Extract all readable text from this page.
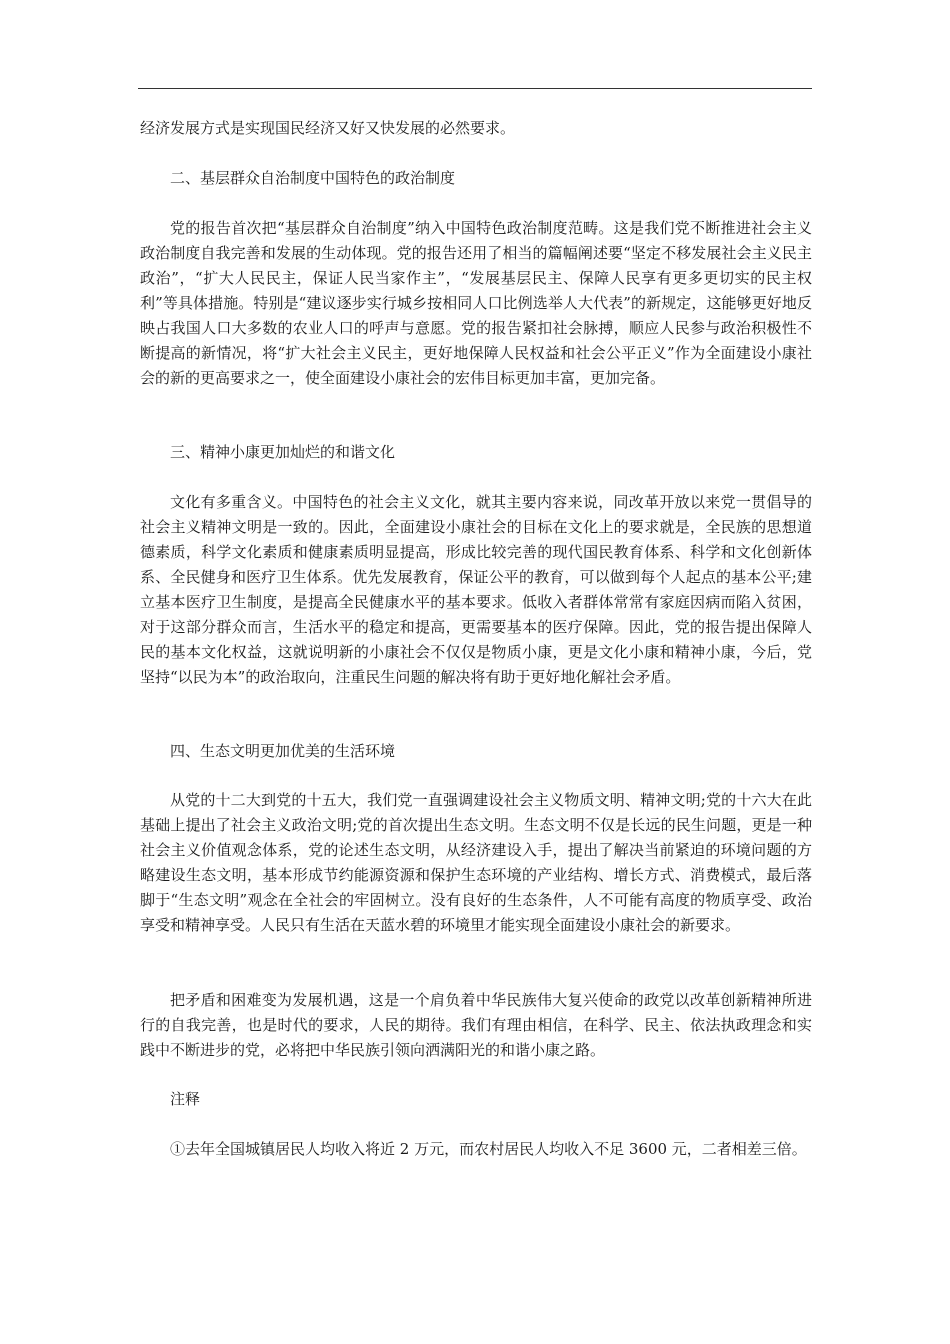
经济发展方式是实现国民经济又好又快发展的必然要求。

二、基层群众自治制度中国特色的政治制度

党的报告首次把“基层群众自治制度”纳入中国特色政治制度范畴。这是我们党不断推进社会主义政治制度自我完善和发展的生动体现。党的报告还用了相当的篇幅阐述要“坚定不移发展社会主义民主政治”，“扩大人民民主，保证人民当家作主”，“发展基层民主、保障人民享有更多更切实的民主权利”等具体措施。特别是“建议逐步实行城乡按相同人口比例选举人大代表”的新规定，这能够更好地反映占我国人口大多数的农业人口的呼声与意愿。党的报告紧扣社会脉搏，顺应人民参与政治积极性不断提高的新情况，将“扩大社会主义民主，更好地保障人民权益和社会公平正义”作为全面建设小康社会的新的更高要求之一，使全面建设小康社会的宏伟目标更加丰富，更加完备。

三、精神小康更加灿烂的和谐文化

文化有多重含义。中国特色的社会主义文化，就其主要内容来说，同改革开放以来党一贯倡导的社会主义精神文明是一致的。因此，全面建设小康社会的目标在文化上的要求就是，全民族的思想道德素质，科学文化素质和健康素质明显提高，形成比较完善的现代国民教育体系、科学和文化创新体系、全民健身和医疗卫生体系。优先发展教育，保证公平的教育，可以做到每个人起点的基本公平;建立基本医疗卫生制度，是提高全民健康水平的基本要求。低收入者群体常常有家庭因病而陷入贫困，对于这部分群众而言，生活水平的稳定和提高，更需要基本的医疗保障。因此，党的报告提出保障人民的基本文化权益，这就说明新的小康社会不仅仅是物质小康，更是文化小康和精神小康，今后，党坚持“以民为本”的政治取向，注重民生问题的解决将有助于更好地化解社会矛盾。

四、生态文明更加优美的生活环境

从党的十二大到党的十五大，我们党一直强调建设社会主义物质文明、精神文明;党的十六大在此基础上提出了社会主义政治文明;党的首次提出生态文明。生态文明不仅是长远的民生问题，更是一种社会主义价值观念体系，党的论述生态文明，从经济建设入手，提出了解决当前紧迫的环境问题的方略建设生态文明，基本形成节约能源资源和保护生态环境的产业结构、增长方式、消费模式，最后落脚于“生态文明”观念在全社会的牢固树立。没有良好的生态条件，人不可能有高度的物质享受、政治享受和精神享受。人民只有生活在天蓝水碧的环境里才能实现全面建设小康社会的新要求。

把矛盾和困难变为发展机遇，这是一个肩负着中华民族伟大复兴使命的政党以改革创新精神所进行的自我完善，也是时代的要求，人民的期待。我们有理由相信，在科学、民主、依法执政理念和实践中不断进步的党，必将把中华民族引领向洒满阳光的和谐小康之路。

注释

①去年全国城镇居民人均收入将近 2 万元，而农村居民人均收入不足 3600 元，二者相差三倍。
